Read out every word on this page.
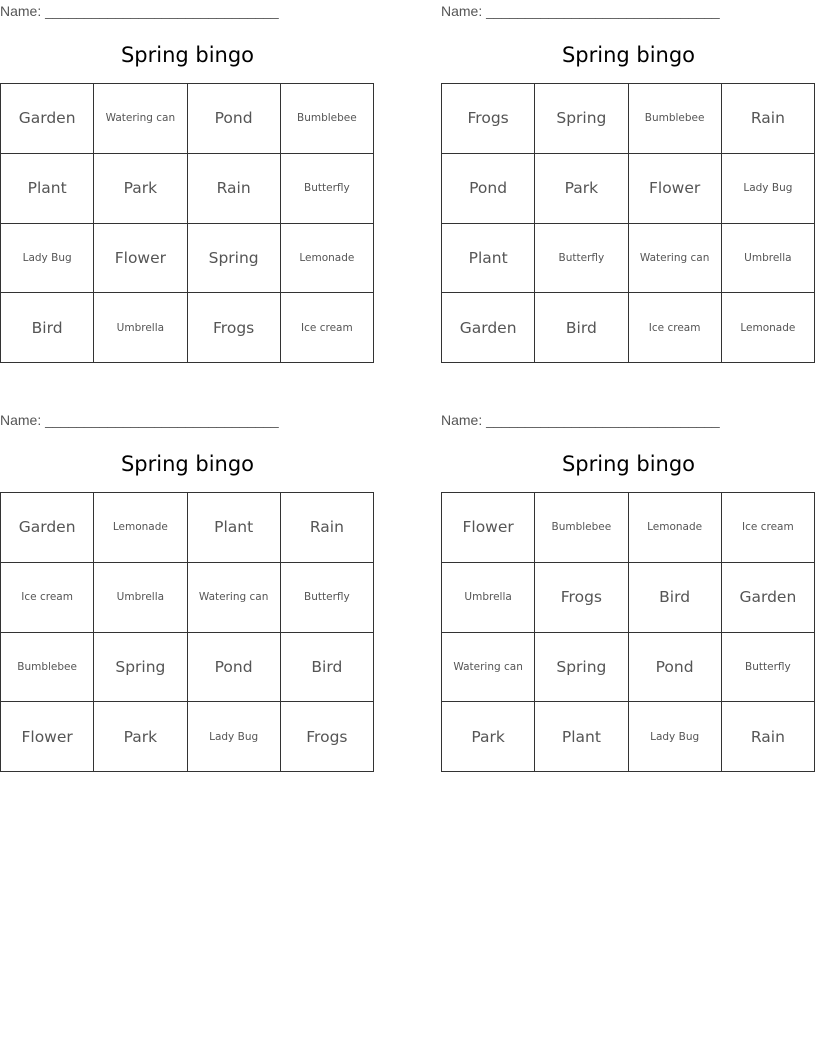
Name: ______________________________
Spring bingo
Garden	Watering can	Pond	Bumblebee
Plant	Park	Rain	Butterfly
Lady Bug	Flower	Spring	Lemonade
Bird	Umbrella	Frogs	Ice cream
Name: ______________________________
Spring bingo
Frogs	Spring	Bumblebee	Rain
Pond	Park	Flower	Lady Bug
Plant	Butterfly	Watering can	Umbrella
Garden	Bird	Ice cream	Lemonade
Name: ______________________________
Spring bingo
Garden	Lemonade	Plant	Rain
Ice cream	Umbrella	Watering can	Butterfly
Bumblebee	Spring	Pond	Bird
Flower	Park	Lady Bug	Frogs
Name: ______________________________
Spring bingo
Flower	Bumblebee	Lemonade	Ice cream
Umbrella	Frogs	Bird	Garden
Watering can	Spring	Pond	Butterfly
Park	Plant	Lady Bug	Rain
